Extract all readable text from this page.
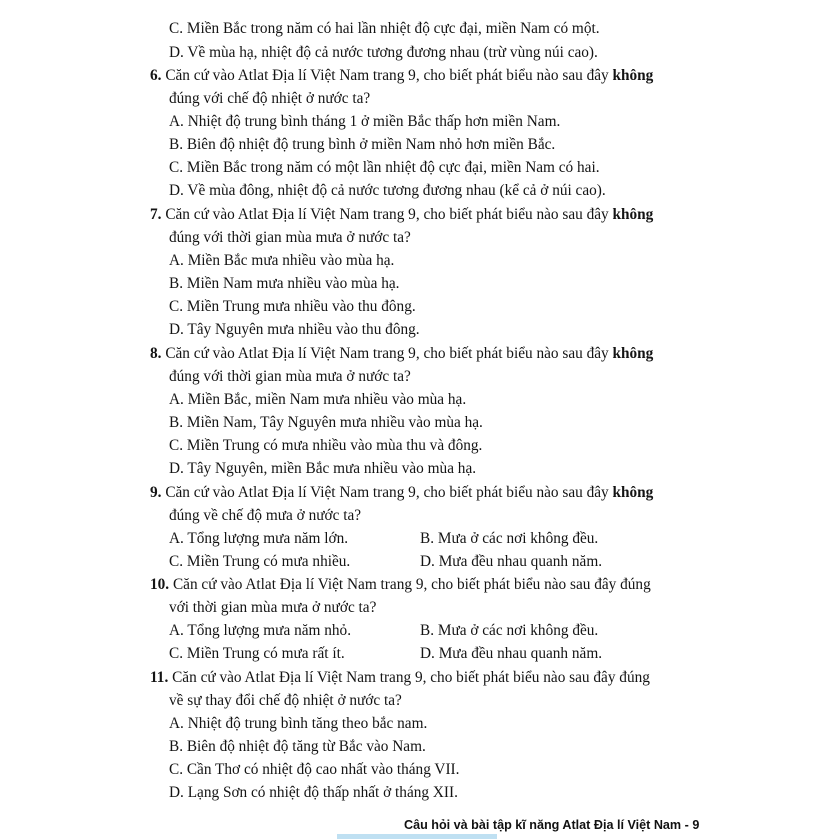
C. Miền Bắc trong năm có hai lần nhiệt độ cực đại, miền Nam có một.
D. Về mùa hạ, nhiệt độ cả nước tương đương nhau (trừ vùng núi cao).
6. Căn cứ vào Atlat Địa lí Việt Nam trang 9, cho biết phát biểu nào sau đây không
đúng với chế độ nhiệt ở nước ta?
A. Nhiệt độ trung bình tháng 1 ở miền Bắc thấp hơn miền Nam.
B. Biên độ nhiệt độ trung bình ở miền Nam nhỏ hơn miền Bắc.
C. Miền Bắc trong năm có một lần nhiệt độ cực đại, miền Nam có hai.
D. Về mùa đông, nhiệt độ cả nước tương đương nhau (kể cả ở núi cao).
7. Căn cứ vào Atlat Địa lí Việt Nam trang 9, cho biết phát biểu nào sau đây không
đúng với thời gian mùa mưa ở nước ta?
A. Miền Bắc mưa nhiều vào mùa hạ.
B. Miền Nam mưa nhiều vào mùa hạ.
C. Miền Trung mưa nhiều vào thu đông.
D. Tây Nguyên mưa nhiều vào thu đông.
8. Căn cứ vào Atlat Địa lí Việt Nam trang 9, cho biết phát biểu nào sau đây không
đúng với thời gian mùa mưa ở nước ta?
A. Miền Bắc, miền Nam mưa nhiều vào mùa hạ.
B. Miền Nam, Tây Nguyên mưa nhiều vào mùa hạ.
C. Miền Trung có mưa nhiều vào mùa thu và đông.
D. Tây Nguyên, miền Bắc mưa nhiều vào mùa hạ.
9. Căn cứ vào Atlat Địa lí Việt Nam trang 9, cho biết phát biểu nào sau đây không
đúng về chế độ mưa ở nước ta?
A. Tổng lượng mưa năm lớn.	B. Mưa ở các nơi không đều.
C. Miền Trung có mưa nhiều.	D. Mưa đều nhau quanh năm.
10. Căn cứ vào Atlat Địa lí Việt Nam trang 9, cho biết phát biểu nào sau đây đúng
với thời gian mùa mưa ở nước ta?
A. Tổng lượng mưa năm nhỏ.	B. Mưa ở các nơi không đều.
C. Miền Trung có mưa rất ít.	D. Mưa đều nhau quanh năm.
11. Căn cứ vào Atlat Địa lí Việt Nam trang 9, cho biết phát biểu nào sau đây đúng
về sự thay đổi chế độ nhiệt ở nước ta?
A. Nhiệt độ trung bình tăng theo bắc nam.
B. Biên độ nhiệt độ tăng từ Bắc vào Nam.
C. Cần Thơ có nhiệt độ cao nhất vào tháng VII.
D. Lạng Sơn có nhiệt độ thấp nhất ở tháng XII.
Câu hỏi và bài tập kĩ năng Atlat Địa lí Việt Nam - 9
